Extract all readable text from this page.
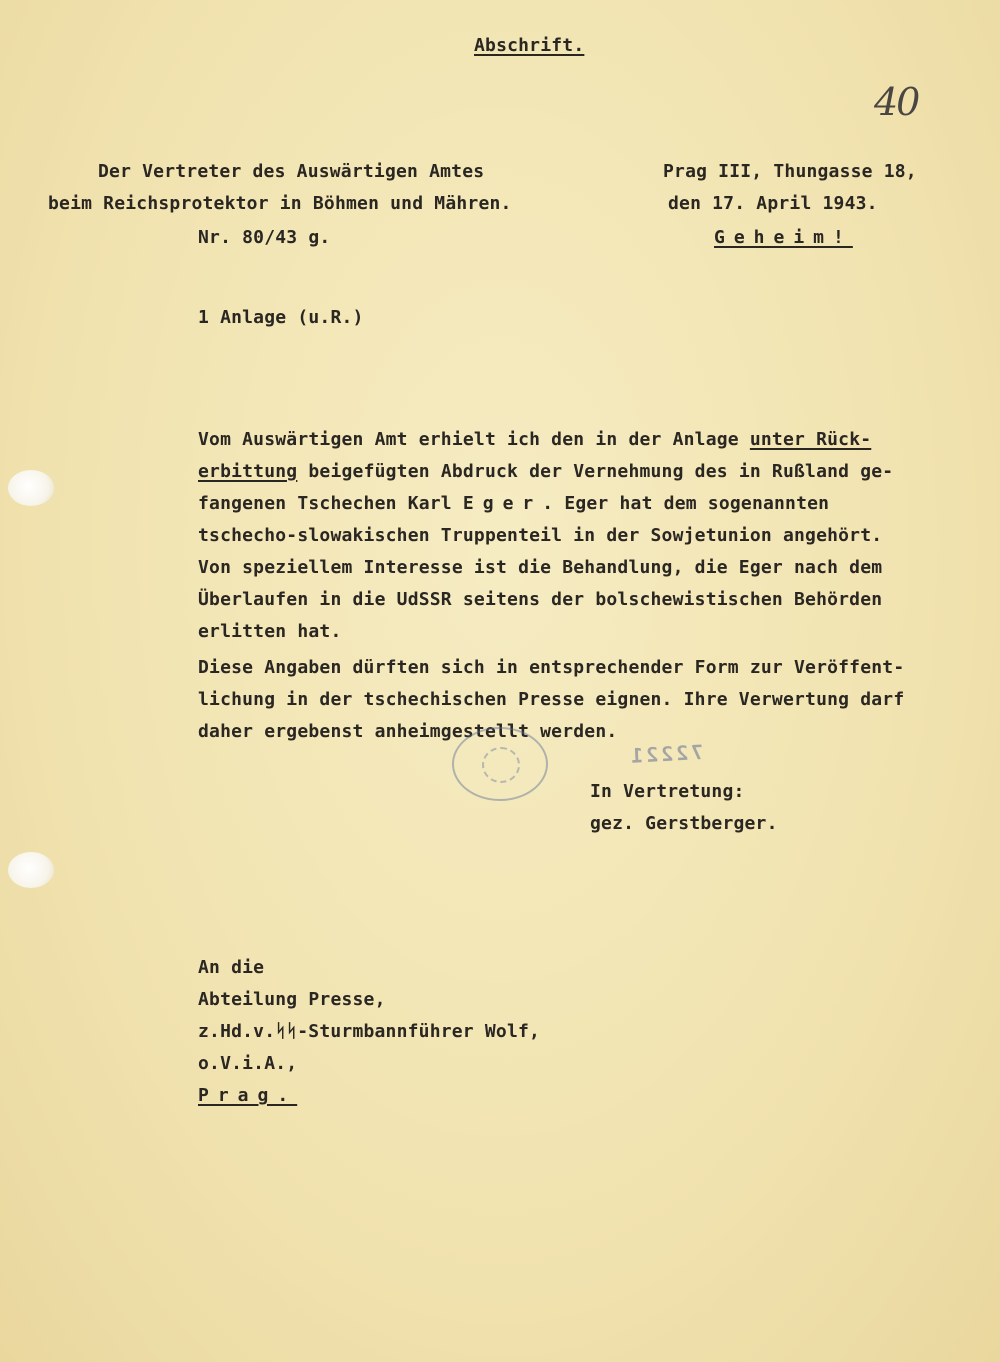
Abschrift.

40

Der Vertreter des Auswärtigen Amtes

beim Reichsprotektor in Böhmen und Mähren.

Nr. 80/43 g.

Prag III, Thungasse 18,

den 17. April 1943.

Geheim!

1 Anlage (u.R.)

Vom Auswärtigen Amt erhielt ich den in der Anlage unter Rück-

erbittung beigefügten Abdruck der Vernehmung des in Rußland ge-

fangenen Tschechen Karl Eger. Eger hat dem sogenannten

tschecho-slowakischen Truppenteil in der Sowjetunion angehört.

Von speziellem Interesse ist die Behandlung, die Eger nach dem

Überlaufen in die UdSSR seitens der bolschewistischen Behörden

erlitten hat.

Diese Angaben dürften sich in entsprechender Form zur Veröffent-

lichung in der tschechischen Presse eignen. Ihre Verwertung darf

daher ergebenst anheimgestellt werden.

72221

In Vertretung:

gez. Gerstberger.

An die

Abteilung Presse,

z.Hd.v.ᛋᛋ-Sturmbannführer Wolf,

o.V.i.A.,

Prag.
